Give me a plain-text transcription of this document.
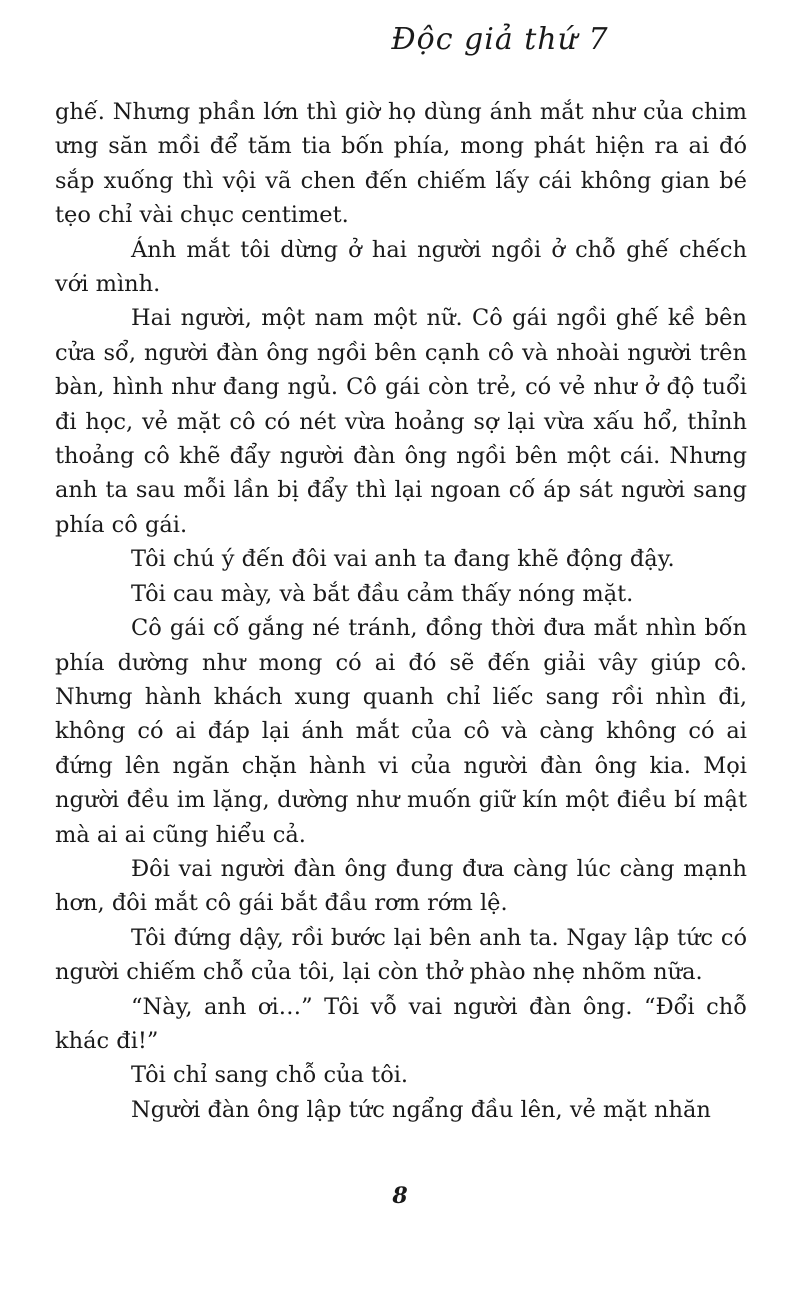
Độc giả thứ 7

ghế. Nhưng phần lớn thì giờ họ dùng ánh mắt như của chim ưng săn mồi để tăm tia bốn phía, mong phát hiện ra ai đó sắp xuống thì vội vã chen đến chiếm lấy cái không gian bé tẹo chỉ vài chục centimet.

Ánh mắt tôi dừng ở hai người ngồi ở chỗ ghế chếch với mình.

Hai người, một nam một nữ. Cô gái ngồi ghế kề bên cửa sổ, người đàn ông ngồi bên cạnh cô và nhoài người trên bàn, hình như đang ngủ. Cô gái còn trẻ, có vẻ như ở độ tuổi đi học, vẻ mặt cô có nét vừa hoảng sợ lại vừa xấu hổ, thỉnh thoảng cô khẽ đẩy người đàn ông ngồi bên một cái. Nhưng anh ta sau mỗi lần bị đẩy thì lại ngoan cố áp sát người sang phía cô gái.

Tôi chú ý đến đôi vai anh ta đang khẽ động đậy.

Tôi cau mày, và bắt đầu cảm thấy nóng mặt.

Cô gái cố gắng né tránh, đồng thời đưa mắt nhìn bốn phía dường như mong có ai đó sẽ đến giải vây giúp cô. Nhưng hành khách xung quanh chỉ liếc sang rồi nhìn đi, không có ai đáp lại ánh mắt của cô và càng không có ai đứng lên ngăn chặn hành vi của người đàn ông kia. Mọi người đều im lặng, dường như muốn giữ kín một điều bí mật mà ai ai cũng hiểu cả.

Đôi vai người đàn ông đung đưa càng lúc càng mạnh hơn, đôi mắt cô gái bắt đầu rơm rớm lệ.

Tôi đứng dậy, rồi bước lại bên anh ta. Ngay lập tức có người chiếm chỗ của tôi, lại còn thở phào nhẹ nhõm nữa.

“Này, anh ơi…” Tôi vỗ vai người đàn ông. “Đổi chỗ khác đi!”

Tôi chỉ sang chỗ của tôi.

Người đàn ông lập tức ngẩng đầu lên, vẻ mặt nhăn

8
